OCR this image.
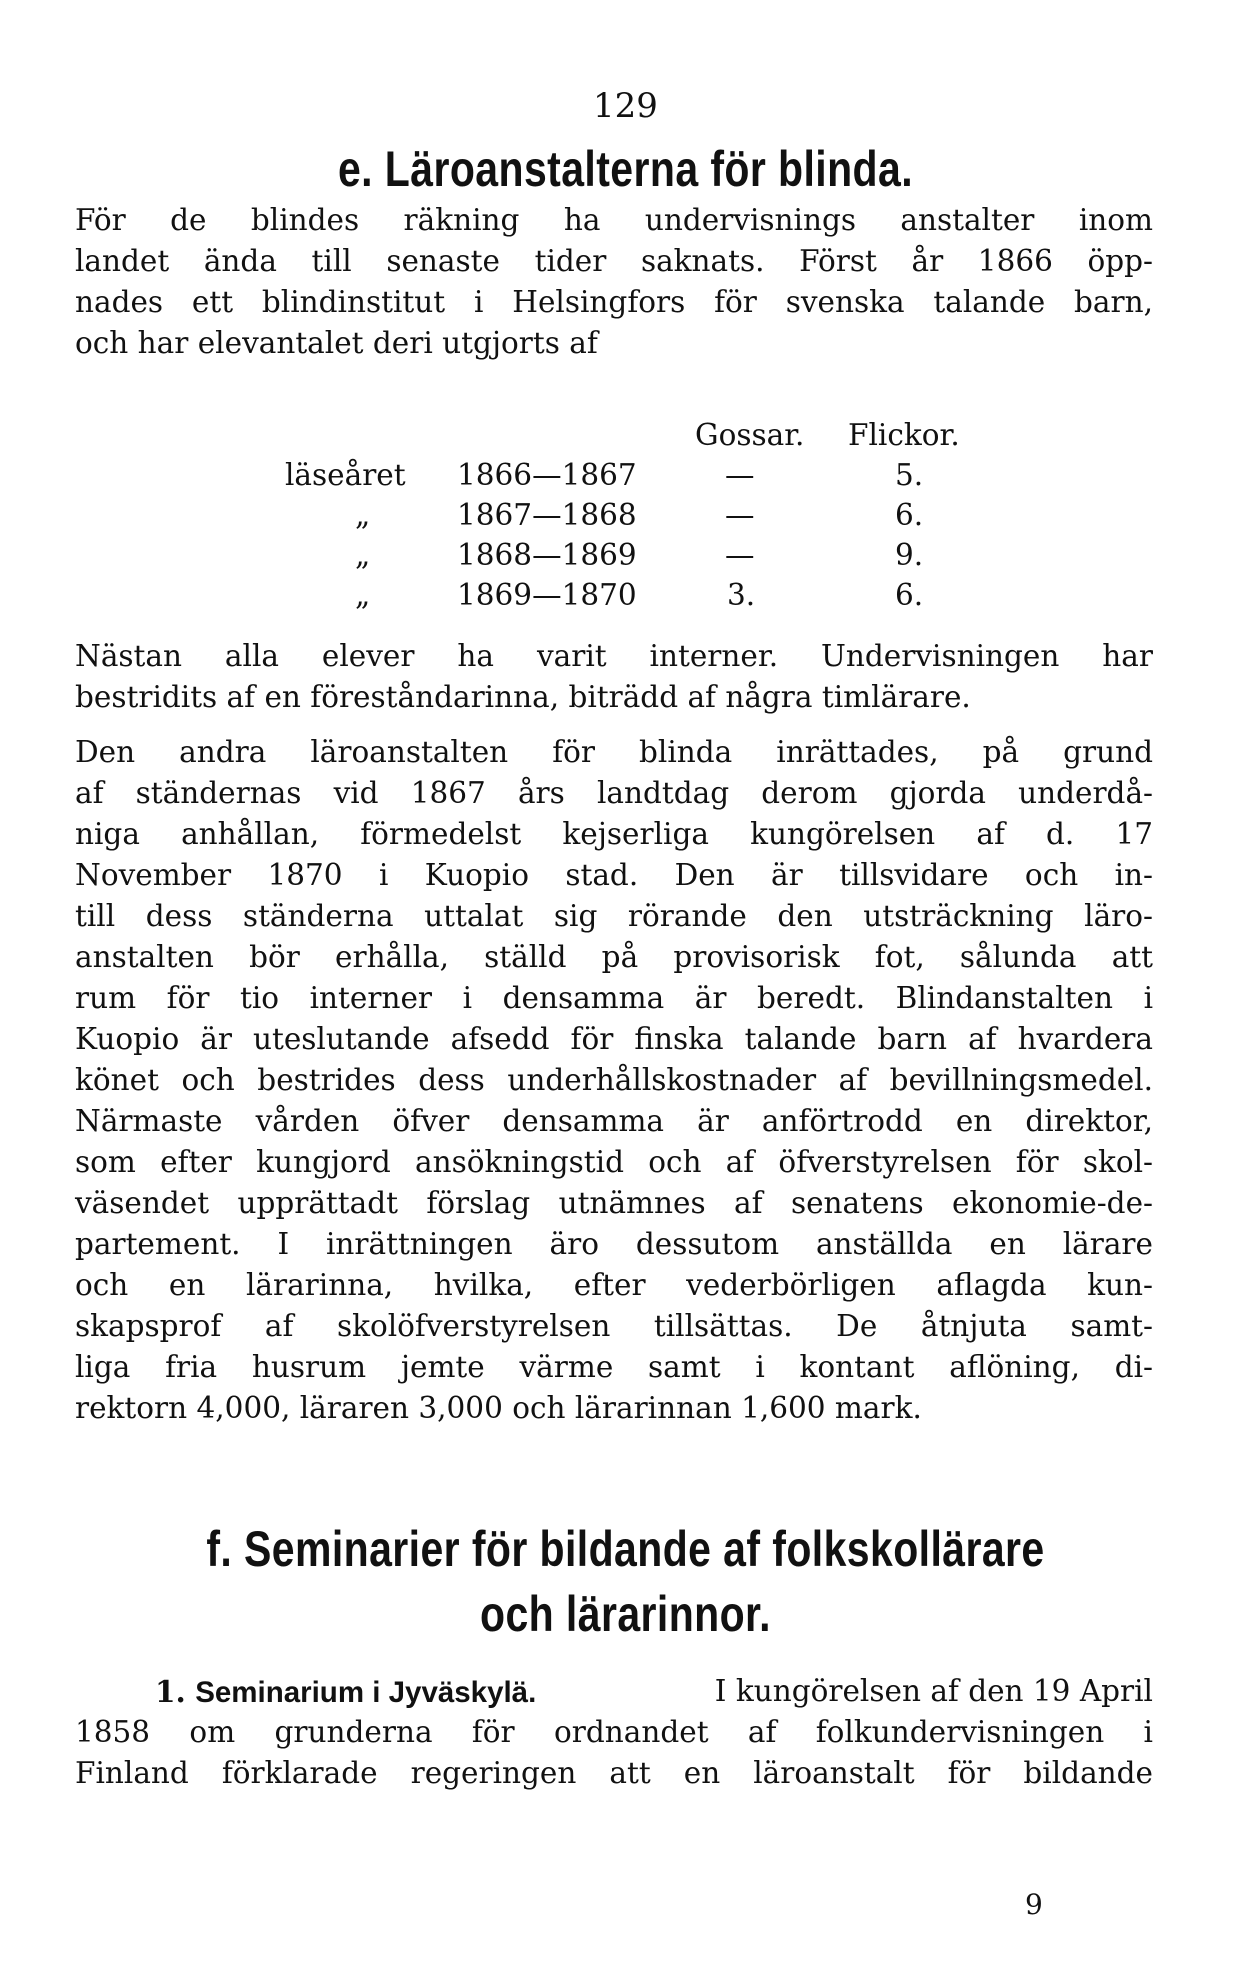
129
e. Läroanstalterna för blinda.
För de blindes räkning ha undervisnings anstalter inom
landet ända till senaste tider saknats. Först år 1866 öpp-
nades ett blindinstitut i Helsingfors för svenska talande barn,
och har elevantalet deri utgjorts af
Gossar. Flickor.
läseåret 1866—1867	—	5.
„	1867—1868	—	6.
„	1868—1869	—	9.
„	1869—1870	3.	6.
Nästan alla elever ha varit interner. Undervisningen har
bestridits af en föreståndarinna, biträdd af några timlärare.
Den andra läroanstalten för blinda inrättades, på grund
af ständernas vid 1867 års landtdag derom gjorda underdå-
niga anhållan, förmedelst kejserliga kungörelsen af d. 17
November 1870 i Kuopio stad. Den är tillsvidare och in-
till dess ständerna uttalat sig rörande den utsträckning läro-
anstalten bör erhålla, ställd på provisorisk fot, sålunda att
rum för tio interner i densamma är beredt. Blindanstalten i
Kuopio är uteslutande afsedd för finska talande barn af hvardera
könet och bestrides dess underhållskostnader af bevillningsmedel.
Närmaste vården öfver densamma är anförtrodd en direktor,
som efter kungjord ansökningstid och af öfverstyrelsen för skol-
väsendet upprättadt förslag utnämnes af senatens ekonomie-de-
partement. I inrättningen äro dessutom anställda en lärare
och en lärarinna, hvilka, efter vederbörligen aflagda kun-
skapsprof af skolöfverstyrelsen tillsättas. De åtnjuta samt-
liga fria husrum jemte värme samt i kontant aflöning, di-
rektorn 4,000, läraren 3,000 och lärarinnan 1,600 mark.
f. Seminarier för bildande af folkskollärare
och lärarinnor.
1. Seminarium i Jyväskylä.	I kungörelsen af den 19 April
1858 om grunderna för ordnandet af folkundervisningen i
Finland förklarade regeringen att en läroanstalt för bildande
9
